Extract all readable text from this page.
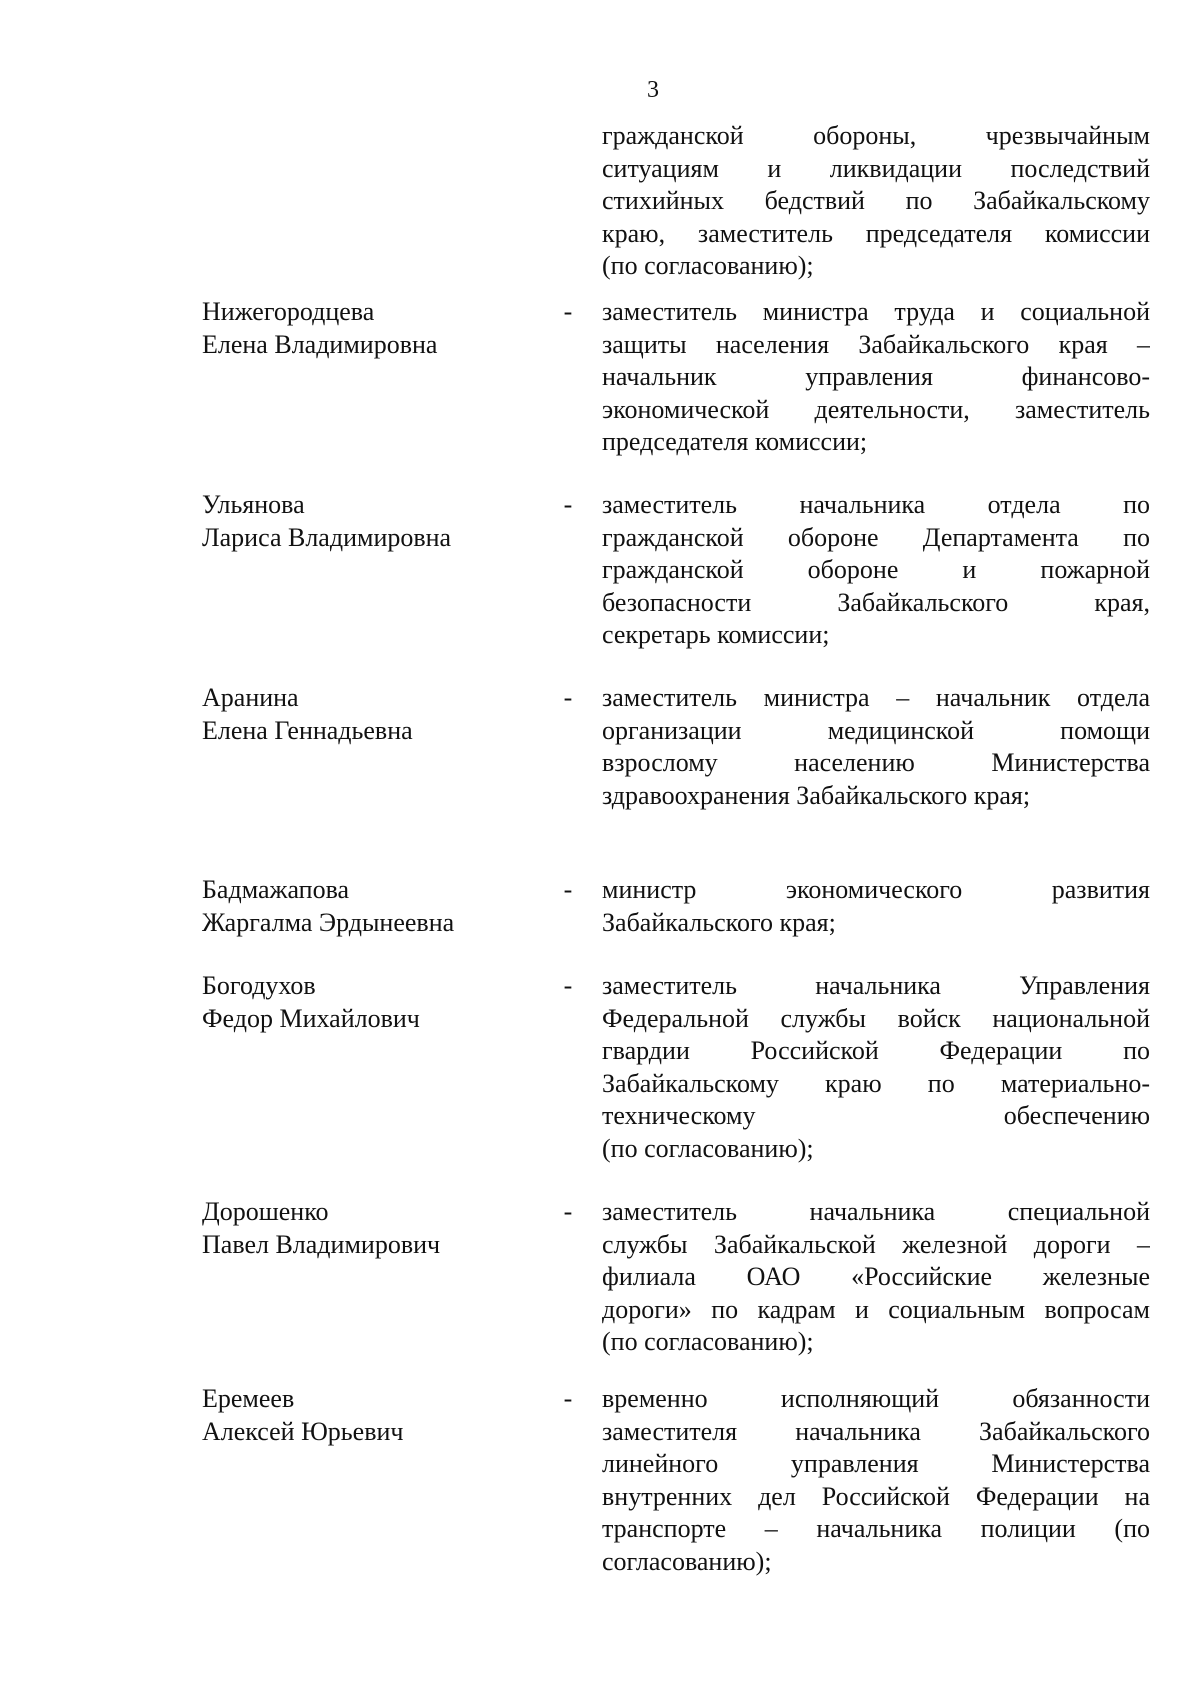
3
гражданской обороны, чрезвычайным
ситуациям и ликвидации последствий
стихийных бедствий по Забайкальскому
краю, заместитель председателя комиссии
(по согласованию);
Нижегородцева
Елена Владимировна
- заместитель министра труда и социальной
защиты населения Забайкальского края –
начальник управления финансово-
экономической деятельности, заместитель
председателя комиссии;
Ульянова
Лариса Владимировна
- заместитель начальника отдела по
гражданской обороне Департамента по
гражданской обороне и пожарной
безопасности Забайкальского края,
секретарь комиссии;
Аранина
Елена Геннадьевна
- заместитель министра – начальник отдела
организации медицинской помощи
взрослому населению Министерства
здравоохранения Забайкальского края;
Бадмажапова
Жаргалма Эрдынеевна
- министр экономического развития
Забайкальского края;
Богодухов
Федор Михайлович
- заместитель начальника Управления
Федеральной службы войск национальной
гвардии Российской Федерации по
Забайкальскому краю по материально-
техническому обеспечению
(по согласованию);
Дорошенко
Павел Владимирович
- заместитель начальника специальной
службы Забайкальской железной дороги –
филиала ОАО «Российские железные
дороги» по кадрам и социальным вопросам
(по согласованию);
Еремеев
Алексей Юрьевич
- временно исполняющий обязанности
заместителя начальника Забайкальского
линейного управления Министерства
внутренних дел Российской Федерации на
транспорте – начальника полиции (по
согласованию);
